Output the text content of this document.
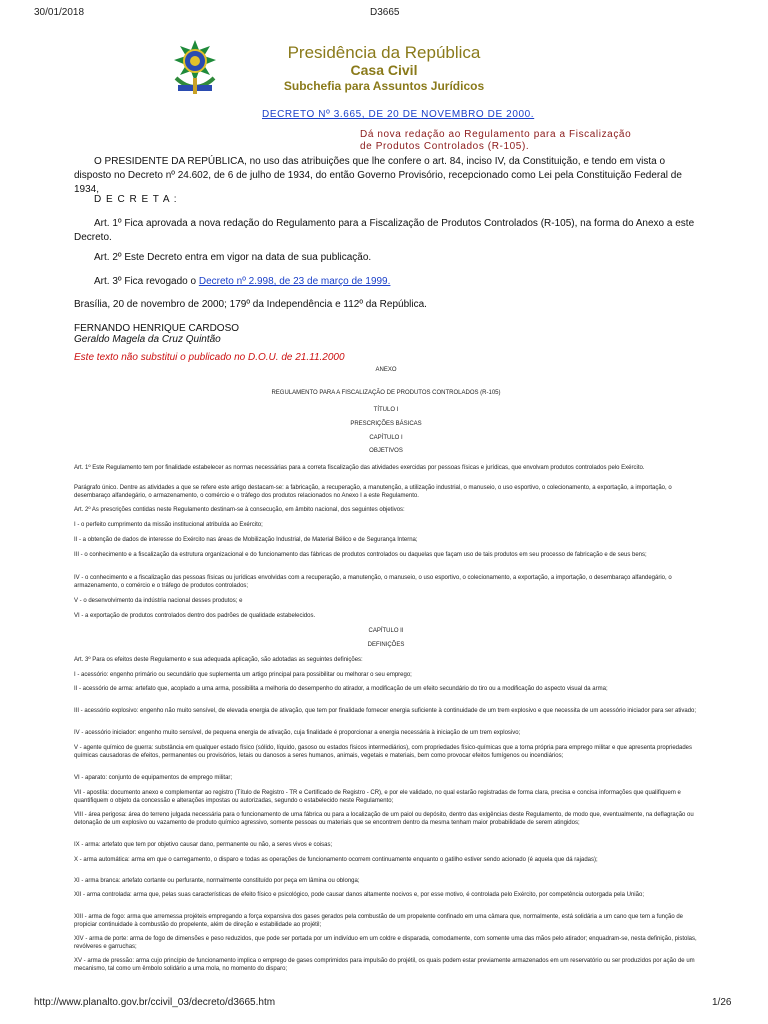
30/01/2018	D3665
Presidência da República
Casa Civil
Subchefia para Assuntos Jurídicos
DECRETO Nº 3.665, DE 20 DE NOVEMBRO DE 2000.
Dá nova redação ao Regulamento para a Fiscalização de Produtos Controlados (R-105).
O PRESIDENTE DA REPÚBLICA, no uso das atribuições que lhe confere o art. 84, inciso IV, da Constituição, e tendo em vista o disposto no Decreto nº 24.602, de 6 de julho de 1934, do então Governo Provisório, recepcionado como Lei pela Constituição Federal de 1934,
D E C R E T A :
Art. 1º Fica aprovada a nova redação do Regulamento para a Fiscalização de Produtos Controlados (R-105), na forma do Anexo a este Decreto.
Art. 2º Este Decreto entra em vigor na data de sua publicação.
Art. 3º Fica revogado o Decreto nº 2.998, de 23 de março de 1999.
Brasília, 20 de novembro de 2000; 179º da Independência e 112º da República.
FERNANDO HENRIQUE CARDOSO
Geraldo Magela da Cruz Quintão
Este texto não substitui o publicado no D.O.U. de 21.11.2000
ANEXO
REGULAMENTO PARA A FISCALIZAÇÃO DE PRODUTOS CONTROLADOS (R-105)
TÍTULO I
PRESCRIÇÕES BÁSICAS
CAPÍTULO I
OBJETIVOS
Art. 1º Este Regulamento tem por finalidade estabelecer as normas necessárias para a correta fiscalização das atividades exercidas por pessoas físicas e jurídicas, que envolvam produtos controlados pelo Exército.
Parágrafo único. Dentre as atividades a que se refere este artigo destacam-se: a fabricação, a recuperação, a manutenção, a utilização industrial, o manuseio, o uso esportivo, o colecionamento, a exportação, a importação, o desembaraço alfandegário, o armazenamento, o comércio e o tráfego dos produtos relacionados no Anexo I a este Regulamento.
Art. 2º As prescrições contidas neste Regulamento destinam-se à consecução, em âmbito nacional, dos seguintes objetivos:
I - o perfeito cumprimento da missão institucional atribuída ao Exército;
II - a obtenção de dados de interesse do Exército nas áreas de Mobilização Industrial, de Material Bélico e de Segurança Interna;
III - o conhecimento e a fiscalização da estrutura organizacional e do funcionamento das fábricas de produtos controlados ou daquelas que façam uso de tais produtos em seu processo de fabricação e de seus bens;
IV - o conhecimento e a fiscalização das pessoas físicas ou jurídicas envolvidas com a recuperação, a manutenção, o manuseio, o uso esportivo, o colecionamento, a exportação, a importação, o desembaraço alfandegário, o armazenamento, o comércio e o tráfego de produtos controlados;
V - o desenvolvimento da indústria nacional desses produtos; e
VI - a exportação de produtos controlados dentro dos padrões de qualidade estabelecidos.
CAPÍTULO II
DEFINIÇÕES
Art. 3º Para os efeitos deste Regulamento e sua adequada aplicação, são adotadas as seguintes definições:
I - acessório: engenho primário ou secundário que suplementa um artigo principal para possibilitar ou melhorar o seu emprego;
II - acessório de arma: artefato que, acoplado a uma arma, possibilita a melhoria do desempenho do atirador, a modificação de um efeito secundário do tiro ou a modificação do aspecto visual da arma;
III - acessório explosivo: engenho não muito sensível, de elevada energia de ativação, que tem por finalidade fornecer energia suficiente à continuidade de um trem explosivo e que necessita de um acessório iniciador para ser ativado;
IV - acessório iniciador: engenho muito sensível, de pequena energia de ativação, cuja finalidade é proporcionar a energia necessária à iniciação de um trem explosivo;
V - agente químico de guerra: substância em qualquer estado físico (sólido, líquido, gasoso ou estados físicos intermediários), com propriedades físico-químicas que a torna própria para emprego militar e que apresenta propriedades químicas causadoras de efeitos, permanentes ou provisórios, letais ou danosos a seres humanos, animais, vegetais e materiais, bem como provocar efeitos fumígenos ou incendiários;
VI - aparato: conjunto de equipamentos de emprego militar;
VII - apostila: documento anexo e complementar ao registro (Título de Registro - TR e Certificado de Registro - CR), e por ele validado, no qual estarão registradas de forma clara, precisa e concisa informações que qualifiquem e quantifiquem o objeto da concessão e alterações impostas ou autorizadas, segundo o estabelecido neste Regulamento;
VIII - área perigosa: área do terreno julgada necessária para o funcionamento de uma fábrica ou para a localização de um paiol ou depósito, dentro das exigências deste Regulamento, de modo que, eventualmente, na deflagração ou detonação de um explosivo ou vazamento de produto químico agressivo, somente pessoas ou materiais que se encontrem dentro da mesma tenham maior probabilidade de serem atingidos;
IX - arma: artefato que tem por objetivo causar dano, permanente ou não, a seres vivos e coisas;
X - arma automática: arma em que o carregamento, o disparo e todas as operações de funcionamento ocorrem continuamente enquanto o gatilho estiver sendo acionado (é aquela que dá rajadas);
XI - arma branca: artefato cortante ou perfurante, normalmente constituído por peça em lâmina ou oblonga;
XII - arma controlada: arma que, pelas suas características de efeito físico e psicológico, pode causar danos altamente nocivos e, por esse motivo, é controlada pelo Exército, por competência outorgada pela União;
XIII - arma de fogo: arma que arremessa projéteis empregando a força expansiva dos gases gerados pela combustão de um propelente confinado em uma câmara que, normalmente, está solidária a um cano que tem a função de propiciar continuidade à combustão do propelente, além de direção e estabilidade ao projétil;
XIV - arma de porte: arma de fogo de dimensões e peso reduzidos, que pode ser portada por um indivíduo em um coldre e disparada, comodamente, com somente uma das mãos pelo atirador; enquadram-se, nesta definição, pistolas, revólveres e garruchas;
XV - arma de pressão: arma cujo princípio de funcionamento implica o emprego de gases comprimidos para impulsão do projétil, os quais podem estar previamente armazenados em um reservatório ou ser produzidos por ação de um mecanismo, tal como um êmbolo solidário a uma mola, no momento do disparo;
http://www.planalto.gov.br/ccivil_03/decreto/d3665.htm	1/26
